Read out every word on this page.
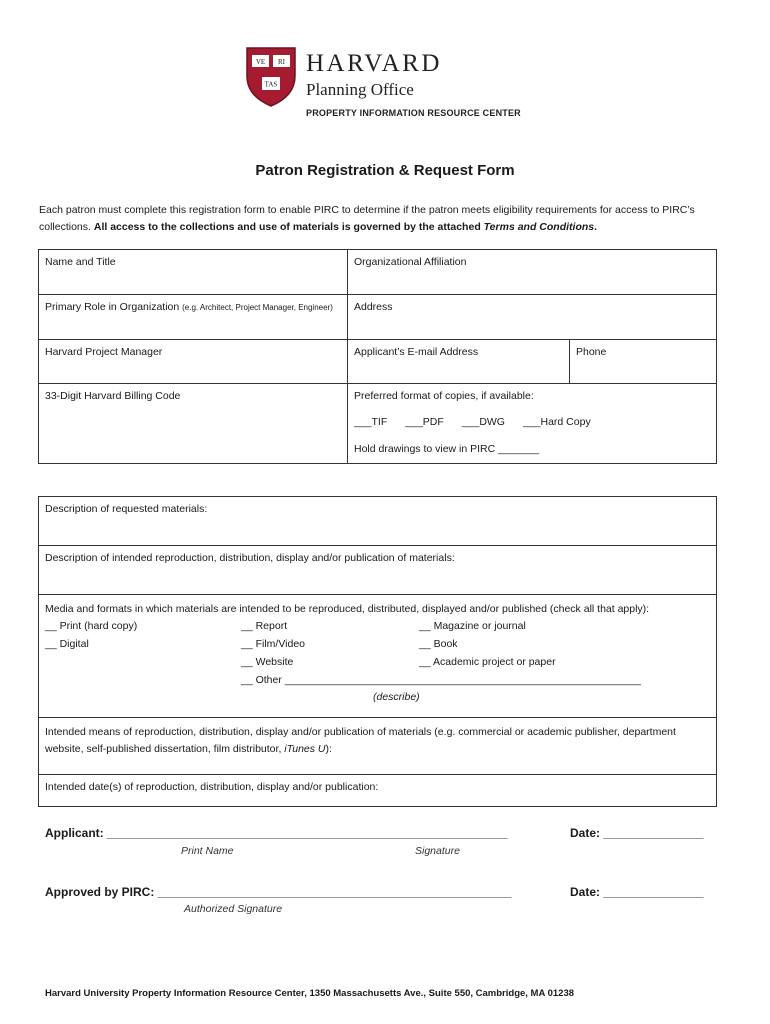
VE RI
TAS
HARVARD
Planning Office
PROPERTY INFORMATION RESOURCE CENTER
Patron Registration & Request Form
Each patron must complete this registration form to enable PIRC to determine if the patron meets eligibility requirements for access to PIRC’s collections. All access to the collections and use of materials is governed by the attached Terms and Conditions.
Name and Title	Organizational Affiliation	
Primary Role in Organization (e.g. Architect, Project Manager, Engineer)	Address	
Harvard Project Manager	Applicant’s E-mail Address	Phone
33-Digit Harvard Billing Code	Preferred format of copies, if available:
___TIF ___PDF ___DWG ___Hard Copy
Hold drawings to view in PIRC _______	
Description of requested materials:
Description of intended reproduction, distribution, display and/or publication of materials:

Media and formats in which materials are intended to be reproduced, distributed, displayed and/or published (check all that apply):
__ Print (hard copy)
__ Digital
__ Report
__ Film/Video
__ Website
__ Other _____________________________________________________________
__ Magazine or journal
__ Book
__ Academic project or paper
(describe)

Intended means of reproduction, distribution, display and/or publication of materials (e.g. commercial or academic publisher, department website, self-published dissertation, film distributor, iTunes U):
Intended date(s) of reproduction, distribution, display and/or publication:
Applicant: ____________________________________________________________	Date: _______________
Print Name	Signature
Approved by PIRC: _____________________________________________________	Date: _______________
Authorized Signature
Harvard University Property Information Resource Center, 1350 Massachusetts Ave., Suite 550, Cambridge, MA 01238
